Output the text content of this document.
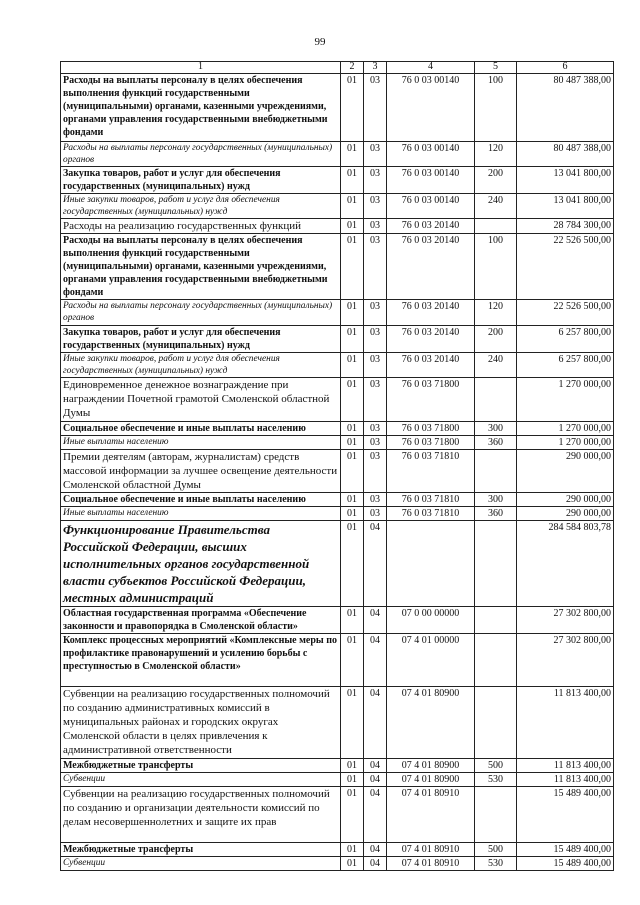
99
1	2	3	4	5	6
Расходы на выплаты персоналу в целях обеспечения выполнения функций государственными (муниципальными) органами, казенными учреждениями, органами управления государственными внебюджетными фондами	01	03	76 0 03 00140	100	80 487 388,00
Расходы на выплаты персоналу государственных (муниципальных) органов	01	03	76 0 03 00140	120	80 487 388,00
Закупка товаров, работ и услуг для обеспечения государственных (муниципальных) нужд	01	03	76 0 03 00140	200	13 041 800,00
Иные закупки товаров, работ и услуг для обеспечения государственных (муниципальных) нужд	01	03	76 0 03 00140	240	13 041 800,00
Расходы на реализацию государственных функций	01	03	76 0 03 20140		28 784 300,00
Расходы на выплаты персоналу в целях обеспечения выполнения функций государственными (муниципальными) органами, казенными учреждениями, органами управления государственными внебюджетными фондами	01	03	76 0 03 20140	100	22 526 500,00
Расходы на выплаты персоналу государственных (муниципальных) органов	01	03	76 0 03 20140	120	22 526 500,00
Закупка товаров, работ и услуг для обеспечения государственных (муниципальных) нужд	01	03	76 0 03 20140	200	6 257 800,00
Иные закупки товаров, работ и услуг для обеспечения государственных (муниципальных) нужд	01	03	76 0 03 20140	240	6 257 800,00
Единовременное денежное вознаграждение при награждении Почетной грамотой Смоленской областной Думы	01	03	76 0 03 71800		1 270 000,00
Социальное обеспечение и иные выплаты населению	01	03	76 0 03 71800	300	1 270 000,00
Иные выплаты населению	01	03	76 0 03 71800	360	1 270 000,00
Премии деятелям (авторам, журналистам) средств массовой информации за лучшее освещение деятельности Смоленской областной Думы	01	03	76 0 03 71810		290 000,00
Социальное обеспечение и иные выплаты населению	01	03	76 0 03 71810	300	290 000,00
Иные выплаты населению	01	03	76 0 03 71810	360	290 000,00
Функционирование Правительства Российской Федерации, высших исполнительных органов государственной власти субъектов Российской Федерации, местных администраций	01	04			284 584 803,78
Областная государственная программа «Обеспечение законности и правопорядка в Смоленской области»	01	04	07 0 00 00000		27 302 800,00
Комплекс процессных мероприятий «Комплексные меры по профилактике правонарушений и усилению борьбы с преступностью в Смоленской области»	01	04	07 4 01 00000		27 302 800,00
Субвенции на реализацию государственных полномочий по созданию административных комиссий в муниципальных районах и городских округах Смоленской области в целях привлечения к административной ответственности	01	04	07 4 01 80900		11 813 400,00
Межбюджетные трансферты	01	04	07 4 01 80900	500	11 813 400,00
Субвенции	01	04	07 4 01 80900	530	11 813 400,00
Субвенции на реализацию государственных полномочий по созданию и организации деятельности комиссий по делам несовершеннолетних и защите их прав	01	04	07 4 01 80910		15 489 400,00
Межбюджетные трансферты	01	04	07 4 01 80910	500	15 489 400,00
Субвенции	01	04	07 4 01 80910	530	15 489 400,00
